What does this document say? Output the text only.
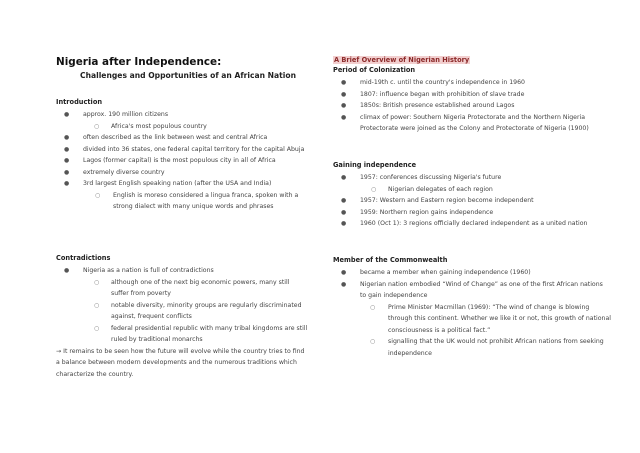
Nigeria after Independence:
Challenges and Opportunities of an African Nation
Introduction
● approx. 190 million citizens
○ Africa's most populous country
● often described as the link between west and central Africa
● divided into 36 states, one federal capital territory for the capital Abuja
● Lagos (former capital) is the most populous city in all of Africa
● extremely diverse country
● 3rd largest English speaking nation (after the USA and India)
○ English is moreso considered a lingua franca, spoken with a strong dialect with many unique words and phrases
Contradictions
● Nigeria as a nation is full of contradictions
○ although one of the next big economic powers, many still suffer from poverty
○ notable diversity, minority groups are regularly discriminated against, frequent conflicts
○ federal presidential republic with many tribal kingdoms are still ruled by traditional monarchs

→ It remains to be seen how the future will evolve while the country tries to find a balance between modern developments and the numerous traditions which characterize the country.

A Brief Overview of Nigerian History
Period of Colonization
● mid-19th c. until the country's independence in 1960
● 1807: influence began with prohibition of slave trade
● 1850s: British presence established around Lagos
● climax of power: Southern Nigeria Protectorate and the Northern Nigeria Protectorate were joined as the Colony and Protectorate of Nigeria (1900)
Gaining independence
● 1957: conferences discussing Nigeria's future
○ Nigerian delegates of each region
● 1957: Western and Eastern region become independent
● 1959: Northern region gains independence
● 1960 (Oct 1): 3 regions officially declared independent as a united nation
Member of the Commonwealth
● became a member when gaining independence (1960)
● Nigerian nation embodied “Wind of Change” as one of the first African nations to gain independence
○ Prime Minister Macmillan (1969): “The wind of change is blowing through this continent. Whether we like it or not, this growth of national consciousness is a political fact.”
○ signalling that the UK would not prohibit African nations from seeking independence
